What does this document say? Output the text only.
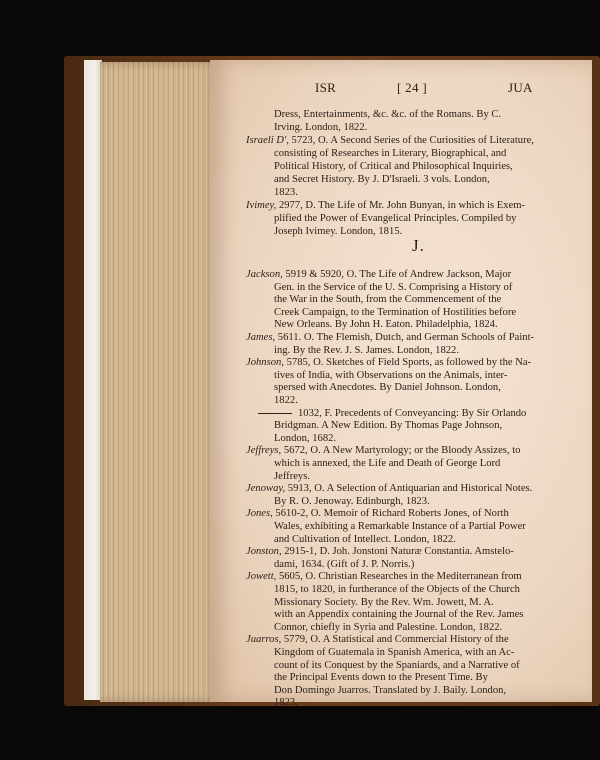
ISR	[ 24 ]	JUA
J.
Dress, Entertainments, &c. &c. of the Romans. By C.
Irving. London, 1822.
Israeli D', 5723, O. A Second Series of the Curiosities of Literature,
consisting of Researches in Literary, Biographical, and
Political History, of Critical and Philosophical Inquiries,
and Secret History. By J. D'Israeli. 3 vols. London,
1823.
Ivimey, 2977, D. The Life of Mr. John Bunyan, in which is Exem-
plified the Power of Evangelical Principles. Compiled by
Joseph Ivimey. London, 1815.
Jackson, 5919 & 5920, O. The Life of Andrew Jackson, Major
Gen. in the Service of the U. S. Comprising a History of
the War in the South, from the Commencement of the
Creek Campaign, to the Termination of Hostilities before
New Orleans. By John H. Eaton. Philadelphia, 1824.
James, 5611. O. The Flemish, Dutch, and German Schools of Paint-
ing. By the Rev. J. S. James. London, 1822.
Johnson, 5785, O. Sketches of Field Sports, as followed by the Na-
tives of India, with Observations on the Animals, inter-
spersed with Anecdotes. By Daniel Johnson. London,
1822.
1032, F. Precedents of Conveyancing: By Sir Orlando
Bridgman. A New Edition. By Thomas Page Johnson,
London, 1682.
Jeffreys, 5672, O. A New Martyrology; or the Bloody Assizes, to
which is annexed, the Life and Death of George Lord
Jeffreys.
Jenoway, 5913, O. A Selection of Antiquarian and Historical Notes.
By R. O. Jenoway. Edinburgh, 1823.
Jones, 5610-2, O. Memoir of Richard Roberts Jones, of North
Wales, exhibiting a Remarkable Instance of a Partial Power
and Cultivation of Intellect. London, 1822.
Jonston, 2915-1, D. Joh. Jonstoni Naturæ Constantia. Amstelo-
dami, 1634. (Gift of J. P. Norris.)
Jowett, 5605, O. Christian Researches in the Mediterranean from
1815, to 1820, in furtherance of the Objects of the Church
Missionary Society. By the Rev. Wm. Jowett, M. A.
with an Appendix containing the Journal of the Rev. James
Connor, chiefly in Syria and Palestine. London, 1822.
Juarros, 5779, O. A Statistical and Commercial History of the
Kingdom of Guatemala in Spanish America, with an Ac-
count of its Conquest by the Spaniards, and a Narrative of
the Principal Events down to the Present Time. By
Don Domingo Juarros. Translated by J. Baily. London,
1823.
